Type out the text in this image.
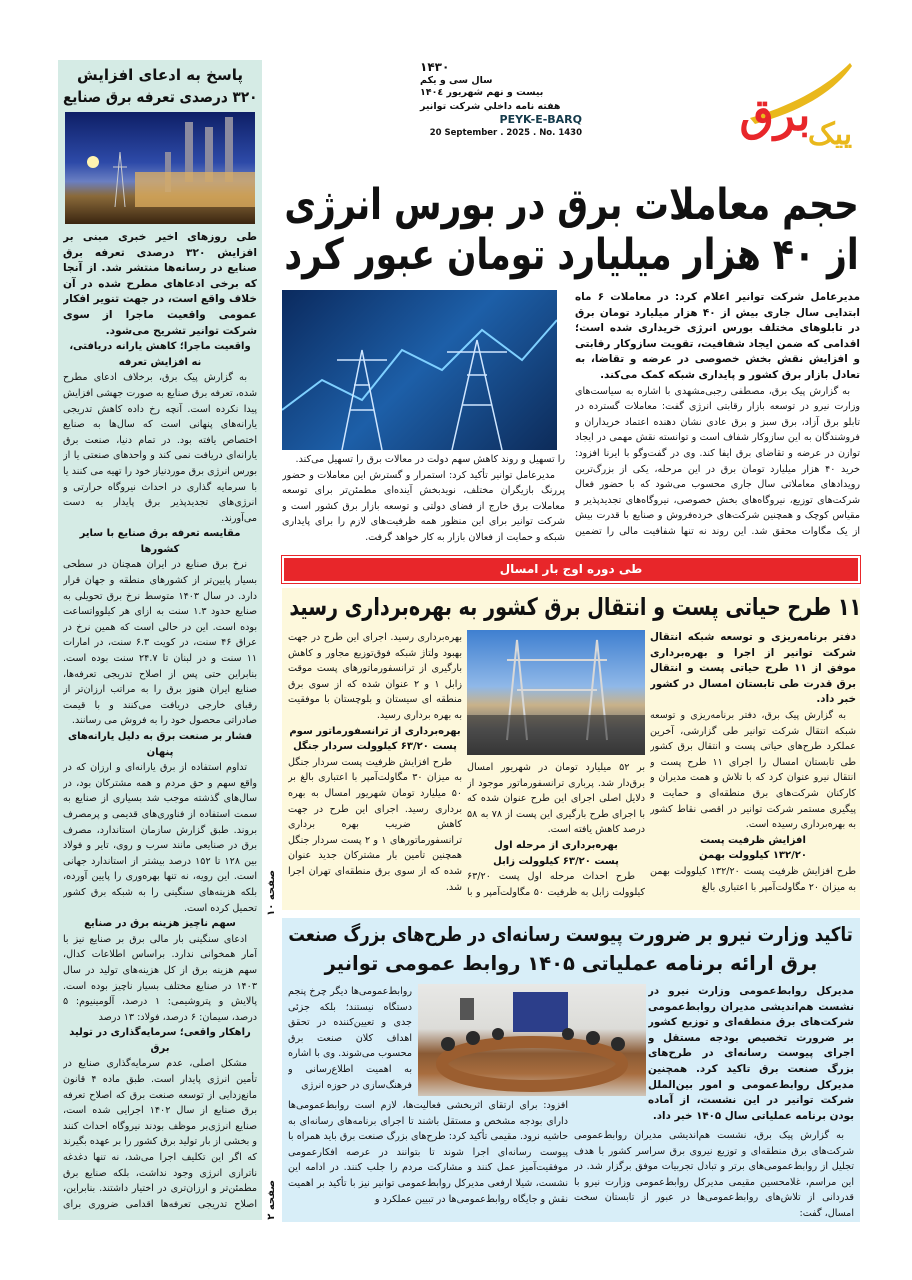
برق
پیک
۱۴۳۰
سال سی و یکم
بیست و نهم شهریور ۱۴۰٤
هفته نامه داخلي شركت توانير
PEYK-E-BARQ
20 September . 2025 . No. 1430
حجم معاملات برق در بورس انرژی
از ۴۰ هزار میلیارد تومان عبور کرد

مدیرعامل شرکت توانیر اعلام کرد: در معاملات ۶ ماه ابتدایی سال جاری بیش از ۴۰ هزار میلیارد تومان برق در تابلوهای مختلف بورس انرژی خریداری شده است؛ اقدامی که ضمن ایجاد شفافیت، تقویت سازوکار رقابتی و افزایش نقش بخش خصوصی در عرضه و تقاضا، به تعادل بازار برق کشور و پایداری شبکه کمک می‌کند.

به گزارش پیک برق، مصطفی رجبی‌مشهدی با اشاره به سیاست‌های وزارت نیرو در توسعه بازار رقابتی انرژی گفت: معاملات گسترده در تابلو برق آزاد، برق سبز و برق عادی نشان دهنده اعتماد خریداران و فروشندگان به این سازوکار شفاف است و توانسته نقش مهمی در ایجاد توازن در عرضه و تقاضای برق ایفا کند. وی در گفت‌وگو با ایرنا افزود: خرید ۴۰ هزار میلیارد تومان برق در این مرحله، یکی از بزرگ‌ترین رویدادهای معاملاتی سال جاری محسوب می‌شود که با حضور فعال شرکت‌های توزیع، نیروگاه‌های بخش خصوصی، نیروگاه‌های تجدیدپذیر و مقیاس کوچک و همچنین شرکت‌های خرده‌فروش و صنایع با قدرت بیش از یک مگاوات محقق شد. این روند نه تنها شفافیت مالی را تضمین

را تسهیل و روند کاهش سهم دولت در معالات برق را تسهیل می‌کند.

مدیرعامل توانیر تأکید کرد: استمرار و گسترش این معاملات و حضور پررنگ بازیگران مختلف، نویدبخش آینده‌ای مطمئن‌تر برای توسعه معاملات برق خارج از فضای دولتی و توسعه بازار برق کشور است و شرکت توانیر برای این منظور همه ظرفیت‌های لازم را برای پایداری شبکه و حمایت از فعالان بازار به کار خواهد گرفت.

طی دوره اوج بار امسال
۱۱ طرح حیاتی پست و انتقال برق کشور به بهره‌برداری رسید

دفتر برنامه‌ریزی و توسعه شبکه انتقال شرکت توانیر از اجرا و بهره‌برداری موفق از ۱۱ طرح حیاتی پست و انتقال برق قدرت طی تابستان امسال در کشور خبر داد.

به گزارش پیک برق، دفتر برنامه‌ریزی و توسعه شبکه انتقال شرکت توانیر طی گزارشی، آخرین عملکرد طرح‌های حیاتی پست و انتقال برق کشور طی تابستان امسال را اجرای ۱۱ طرح پست و انتقال نیرو عنوان کرد که با تلاش و همت مدیران و کارکنان شرکت‌های برق منطقه‌ای و حمایت و پیگیری مستمر شرکت توانیر در اقصی نقاط کشور به بهره‌برداری رسیده است.

افزایش ظرفیت پست
۱۳۲/۲۰ کیلوولت بهمن

طرح افزایش ظرفیت پست ۱۳۲/۲۰ کیلوولت بهمن به میزان ۲۰ مگاولت‌آمپر با اعتباری بالغ

بر ۵۲ میلیارد تومان در شهریور امسال برق‌دار شد. پرباری ترانسفورماتور موجود از دلایل اصلی اجرای این طرح عنوان شده که با اجرای طرح بارگیری این پست از ۷۸ به ۵۸ درصد کاهش یافته است.

بهره‌برداری از مرحله اول
پست ۶۳/۲۰ کیلوولت زابل

طرح احداث مرحله اول پست ۶۳/۲۰ کیلوولت زابل به ظرفیت ۵۰ مگاولت‌آمپر و با

بهره‌برداری رسید. اجرای این طرح در جهت بهبود ولتاژ شبکه فوق‌توزیع مجاور و کاهش بارگیری از ترانسفورماتورهای پست موقت زابل ۱ و ۲ عنوان شده که از سوی برق منطقه ای سیستان و بلوچستان با موفقیت به بهره برداری رسید.

بهره‌برداری از ترانسفورماتور سوم
پست ۶۳/۲۰ کیلوولت سردار جنگل

طرح افزایش ظرفیت پست سردار جنگل به میزان ۳۰ مگاولت‌آمپر با اعتباری بالغ بر ۵۰ میلیارد تومان شهریور امسال به بهره برداری رسید. اجرای این طرح در جهت کاهش ضریب بهره برداری ترانسفورماتورهای ۱ و ۲ پست سردار جنگل همچنین تامین بار مشترکان جدید عنوان شده که از سوی برق منطقه‌ای تهران اجرا شد.

تاکید وزارت نیرو بر ضرورت پیوست رسانه‌ای در طرح‌های بزرگ صنعت
برق ارائه برنامه عملیاتی ۱۴۰۵ روابط عمومی توانیر
مدیرکل روابط‌عمومی وزارت نیرو در نشست هم‌اندیشی مدیران روابط‌عمومی شرکت‌های برق منطقه‌ای و توزیع کشور بر ضرورت تخصیص بودجه مستقل و اجرای پیوست رسانه‌ای در طرح‌های بزرگ صنعت برق تاکید کرد. همچنین مدیرکل روابط‌عمومی و امور بین‌الملل شرکت توانیر در این نشست، از آماده بودن برنامه عملیاتی سال ۱۴۰۵ خبر داد.
روابط‌عمومی‌ها دیگر چرخ پنجم دستگاه نیستند؛ بلکه جزئی جدی و تعیین‌کننده در تحقق اهداف کلان صنعت برق محسوب می‌شوند. وی با اشاره به اهمیت اطلاع‌رسانی و فرهنگ‌سازی در حوزه انرژی
به گزارش پیک برق، نشست هم‌اندیشی مدیران روابط‌عمومی شرکت‌های برق منطقه‌ای و توزیع نیروی برق سراسر کشور با هدف تجلیل از روابط‌عمومی‌های برتر و تبادل تجربیات موفق برگزار شد. در این مراسم، غلامحسین مقیمی مدیرکل روابط‌عمومی وزارت نیرو با قدردانی از تلاش‌های روابط‌عمومی‌ها در عبور از تابستان سخت امسال، گفت:
افزود: برای ارتقای اثربخشی فعالیت‌ها، لازم است روابط‌عمومی‌ها دارای بودجه مشخص و مستقل باشند تا اجرای برنامه‌های رسانه‌ای به حاشیه نرود. مقیمی تأکید کرد: طرح‌های بزرگ صنعت برق باید همراه با پیوست رسانه‌ای اجرا شوند تا بتوانند در عرصه افکارعمومی موفقیت‌آمیز عمل کنند و مشارکت مردم را جلب کنند. در ادامه این نشست، شیلا ارفعی مدیرکل روابط‌عمومی توانیر نیز با تأکید بر اهمیت نقش و جایگاه روابط‌عمومی‌ها در تبیین عملکرد و
پاسخ به ادعای افزایش
۳۲۰ درصدی تعرفه برق صنایع

طی روزهای اخیر خبری مبنی بر افزایش ۳۲۰ درصدی تعرفه برق صنایع در رسانه‌ها منتشر شد. از آنجا که برخی ادعاهای مطرح شده در آن خلاف واقع است، در جهت تنویر افکار عمومی واقعیت ماجرا از سوی شرکت توانیر تشریح می‌شود.

واقعیت ماجرا؛ کاهش یارانه دریافتی،
نه افزایش تعرفه

به گزارش پیک برق، برخلاف ادعای مطرح شده، تعرفه برق صنایع به صورت جهشی افزایش پیدا نکرده است. آنچه رخ داده کاهش تدریجی یارانه‌های پنهانی است که سال‌ها به صنایع اختصاص یافته بود. در تمام دنیا، صنعت برق یارانه‌ای دریافت نمی کند و واحدهای صنعتی یا از بورس انرژی برق موردنیاز خود را تهیه می کنند یا با سرمایه گذاری در احداث نیروگاه حرارتی و انرژی‌های تجدیدپذیر برق پایدار به دست می‌آورند.

مقایسه تعرفه برق صنایع با سایر کشورها

نرخ برق صنایع در ایران همچنان در سطحی بسیار پایین‌تر از کشورهای منطقه و جهان قرار دارد. در سال ۱۴۰۳ متوسط نرخ برق تحویلی به صنایع حدود ۱.۳ سنت به ازای هر کیلوواتساعت بوده است. این در حالی است که همین نرخ در عراق ۴۶ سنت، در کویت ۶.۳ سنت، در امارات ۱۱ سنت و در لبنان تا ۲۴.۷ سنت بوده است. بنابراین حتی پس از اصلاح تدریجی تعرفه‌ها، صنایع ایران هنوز برق را به مراتب ارزان‌تر از رقبای خارجی دریافت می‌کنند و با قیمت صادراتی محصول خود را به فروش می رسانند.

فشار بر صنعت برق به دلیل یارانه‌های پنهان

تداوم استفاده از برق یارانه‌ای و ارزان که در واقع سهم و حق مردم و همه مشترکان بود، در سال‌های گذشته موجب شد بسیاری از صنایع به سمت استفاده از فناوری‌های قدیمی و پرمصرف بروند. طبق گزارش سازمان استاندارد، مصرف برق در صنایعی مانند سرب و روی، تایر و فولاد بین ۱۲۸ تا ۱۵۲ درصد بیشتر از استاندارد جهانی است. این رویه، نه تنها بهره‌وری را پایین آورده، بلکه هزینه‌های سنگینی را به شبکه برق کشور تحمیل کرده است.

سهم ناچیز هزینه برق در صنایع

ادعای سنگینی بار مالی برق بر صنایع نیز با آمار همخوانی ندارد. براساس اطلاعات کدال، سهم هزینه برق از کل هزینه‌های تولید در سال ۱۴۰۳ در صنایع مختلف بسیار ناچیز بوده است. پالایش و پتروشیمی: ۱ درصد، آلومینیوم: ۵ درصد، سیمان: ۶ درصد، فولاد: ۱۳ درصد

راهکار واقعی؛ سرمایه‌گذاری در تولید برق

مشکل اصلی، عدم سرمایه‌گذاری صنایع در تأمین انرژی پایدار است. طبق ماده ۴ قانون مانع‌زدایی از توسعه صنعت برق که اصلاح تعرفه برق صنایع از سال ۱۴۰۲ اجرایی شده است، صنایع انرژی‌بر موظف بودند نیروگاه احداث کنند و بخشی از بار تولید برق کشور را بر عهده بگیرند که اگر این تکلیف اجرا می‌شد، نه تنها دغدغه ناترازی انرژی وجود نداشت، بلکه صنایع برق مطمئن‌تر و ارزان‌تری در اختیار داشتند. بنابراین، اصلاح تدریجی تعرفه‌ها اقدامی ضروری برای

صفحه ۱۰
صفحه ۲
